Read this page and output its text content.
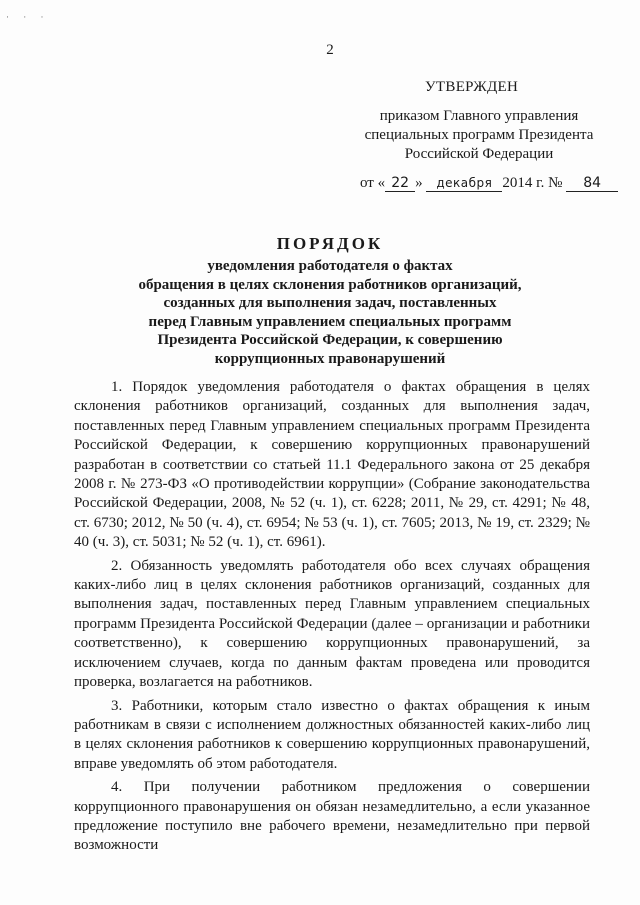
· · ·
2
УТВЕРЖДЕН
приказом Главного управления
специальных программ Президента
Российской Федерации
от « 22 » декабря 2014 г. № 84
ПОРЯДОК
уведомления работодателя о фактах
обращения в целях склонения работников организаций,
созданных для выполнения задач, поставленных
перед Главным управлением специальных программ
Президента Российской Федерации, к совершению
коррупционных правонарушений

1. Порядок уведомления работодателя о фактах обращения в целях склонения работников организаций, созданных для выполнения задач, поставленных перед Главным управлением специальных программ Президента Российской Федерации, к совершению коррупционных правонарушений разработан в соответствии со статьей 11.1 Федерального закона от 25 декабря 2008 г. № 273-ФЗ «О противодействии коррупции» (Собрание законодательства Российской Федерации, 2008, № 52 (ч. 1), ст. 6228; 2011, № 29, ст. 4291; № 48, ст. 6730; 2012, № 50 (ч. 4), ст. 6954; № 53 (ч. 1), ст. 7605; 2013, № 19, ст. 2329; № 40 (ч. 3), ст. 5031; № 52 (ч. 1), ст. 6961).

2. Обязанность уведомлять работодателя обо всех случаях обращения каких-либо лиц в целях склонения работников организаций, созданных для выполнения задач, поставленных перед Главным управлением специальных программ Президента Российской Федерации (далее – организации и работники соответственно), к совершению коррупционных правонарушений, за исключением случаев, когда по данным фактам проведена или проводится проверка, возлагается на работников.

3. Работники, которым стало известно о фактах обращения к иным работникам в связи с исполнением должностных обязанностей каких-либо лиц в целях склонения работников к совершению коррупционных правонарушений, вправе уведомлять об этом работодателя.

4. При получении работником предложения о совершении коррупционного правонарушения он обязан незамедлительно, а если указанное предложение поступило вне рабочего времени, незамедлительно при первой возможности
